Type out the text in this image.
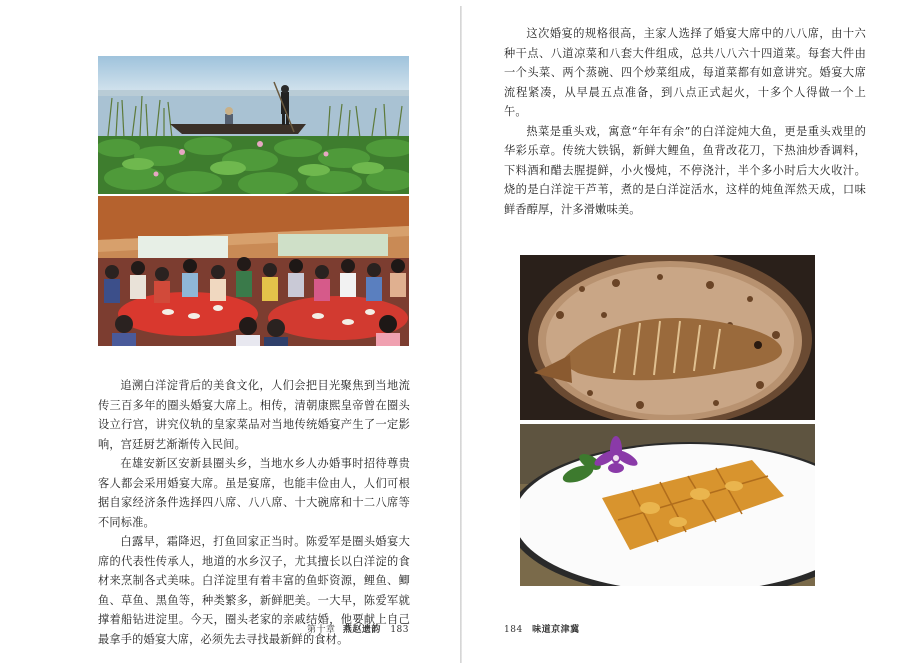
追溯白洋淀背后的美食文化，人们会把目光聚焦到当地流传三百多年的圈头婚宴大席上。相传，清朝康熙皇帝曾在圈头设立行宫，讲究仪轨的皇家菜品对当地传统婚宴产生了一定影响，宫廷厨艺渐渐传入民间。

在雄安新区安新县圈头乡，当地水乡人办婚事时招待尊贵客人都会采用婚宴大席。虽是宴席，也能丰俭由人，人们可根据自家经济条件选择四八席、八八席、十大碗席和十二八席等不同标准。

白露早，霜降迟，打鱼回家正当时。陈爱军是圈头婚宴大席的代表性传承人，地道的水乡汉子，尤其擅长以白洋淀的食材来烹制各式美味。白洋淀里有着丰富的鱼虾资源，鲤鱼、鲫鱼、草鱼、黑鱼等，种类繁多，新鲜肥美。一大早，陈爱军就撑着船钻进淀里。今天，圈头老家的亲戚结婚，他要献上自己最拿手的婚宴大席，必须先去寻找最新鲜的食材。

第十章 燕赵遗韵 183

这次婚宴的规格很高，主家人选择了婚宴大席中的八八席，由十六种干点、八道凉菜和八套大件组成，总共八八六十四道菜。每套大件由一个头菜、两个蒸碗、四个炒菜组成，每道菜都有如意讲究。婚宴大席流程紧凑，从早晨五点准备，到八点正式起火，十多个人得做一个上午。

热菜是重头戏，寓意“年年有余”的白洋淀炖大鱼，更是重头戏里的华彩乐章。传统大铁锅，新鲜大鲤鱼，鱼背改花刀，下热油炒香调料，下料酒和醋去腥提鲜，小火慢炖，不停浇汁，半个多小时后大火收汁。烧的是白洋淀干芦苇，煮的是白洋淀活水，这样的炖鱼浑然天成，口味鲜香醇厚，汁多滑嫩味美。

184 味道京津冀
